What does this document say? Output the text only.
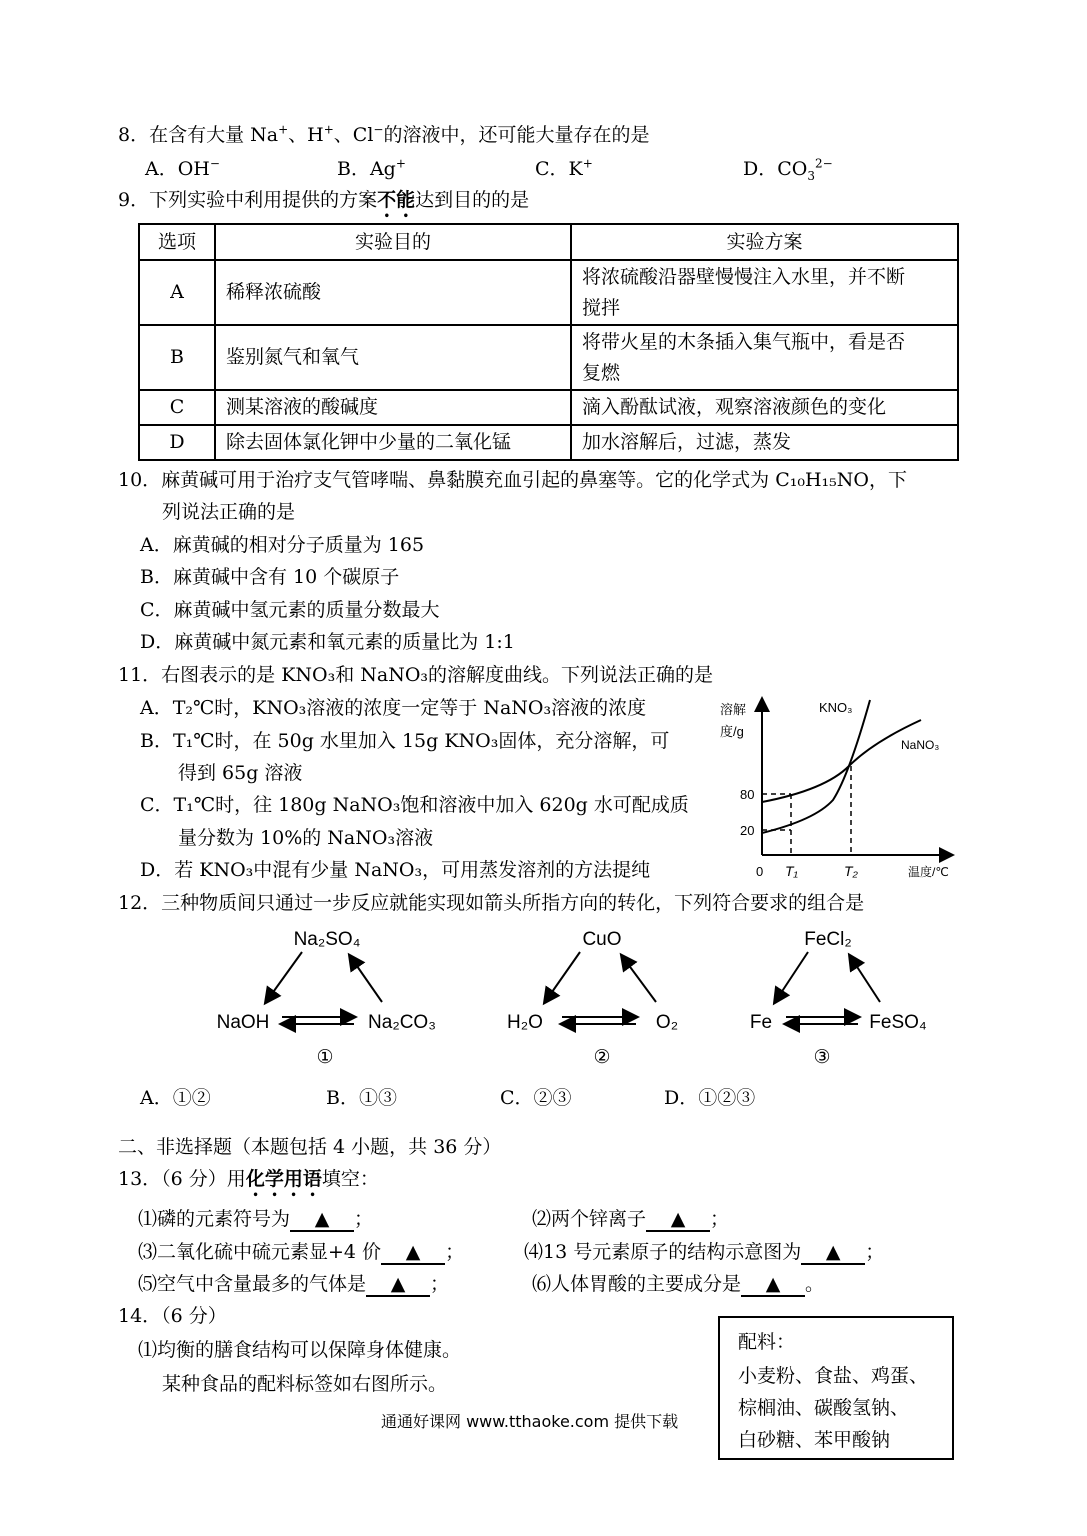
8．在含有大量 Na+、H+、Cl−的溶液中，还可能大量存在的是
A．OH−	B．Ag+	C．K+	D．$CO_3^{2-}$
9．下列实验中利用提供的方案不能达到目的的是
选项	实验目的	实验方案
A	稀释浓硫酸	将浓硫酸沿器壁慢慢注入水里，并不断
搅拌

B	鉴别氮气和氧气	将带火星的木条插入集气瓶中，看是否
复燃

C	测某溶液的酸碱度	滴入酚酞试液，观察溶液颜色的变化
D	除去固体氯化钾中少量的二氧化锰	加水溶解后，过滤，蒸发
10．麻黄碱可用于治疗支气管哮喘、鼻黏膜充血引起的鼻塞等。它的化学式为 C₁₀H₁₅NO，下
列说法正确的是
A．麻黄碱的相对分子质量为 165
B．麻黄碱中含有 10 个碳原子
C．麻黄碱中氢元素的质量分数最大
D．麻黄碱中氮元素和氧元素的质量比为 1:1
11．右图表示的是 KNO₃和 NaNO₃的溶解度曲线。下列说法正确的是
A．T₂℃时，KNO₃溶液的浓度一定等于 NaNO₃溶液的浓度
B．T₁℃时，在 50g 水里加入 15g KNO₃固体，充分溶解，可
得到 65g 溶液
C．T₁℃时，往 180g NaNO₃饱和溶液中加入 620g 水可配成质
量分数为 10%的 NaNO₃溶液
D．若 KNO₃中混有少量 NaNO₃，可用蒸发溶剂的方法提纯
溶解
度/g
KNO₃
NaNO₃
80
20
0 T₁	T₂	温度/℃
12．三种物质间只通过一步反应就能实现如箭头所指方向的转化，下列符合要求的组合是
Na₂SO₄
NaOH	Na₂CO₃
①
CuO
H₂O	O₂
②
FeCl₂
Fe	FeSO₄
③
A．①②	B．①③	C．②③	D．①②③
二、非选择题（本题包括 4 小题，共 36 分）
13．（6 分）用化学用语填空：
⑴磷的元素符号为 ▲ ；	⑵两个锌离子 ▲ ；
⑶二氧化硫中硫元素显+4 价 ▲ ；	⑷13 号元素原子的结构示意图为 ▲ ；
⑸空气中含量最多的气体是 ▲ ；	⑹人体胃酸的主要成分是 ▲ 。
14．（6 分）
⑴均衡的膳食结构可以保障身体健康。
某种食品的配料标签如右图所示。
通通好课网 www.tthaoke.com 提供下载
配料：
小麦粉、食盐、鸡蛋、
棕榈油、碳酸氢钠、
白砂糖、苯甲酸钠
